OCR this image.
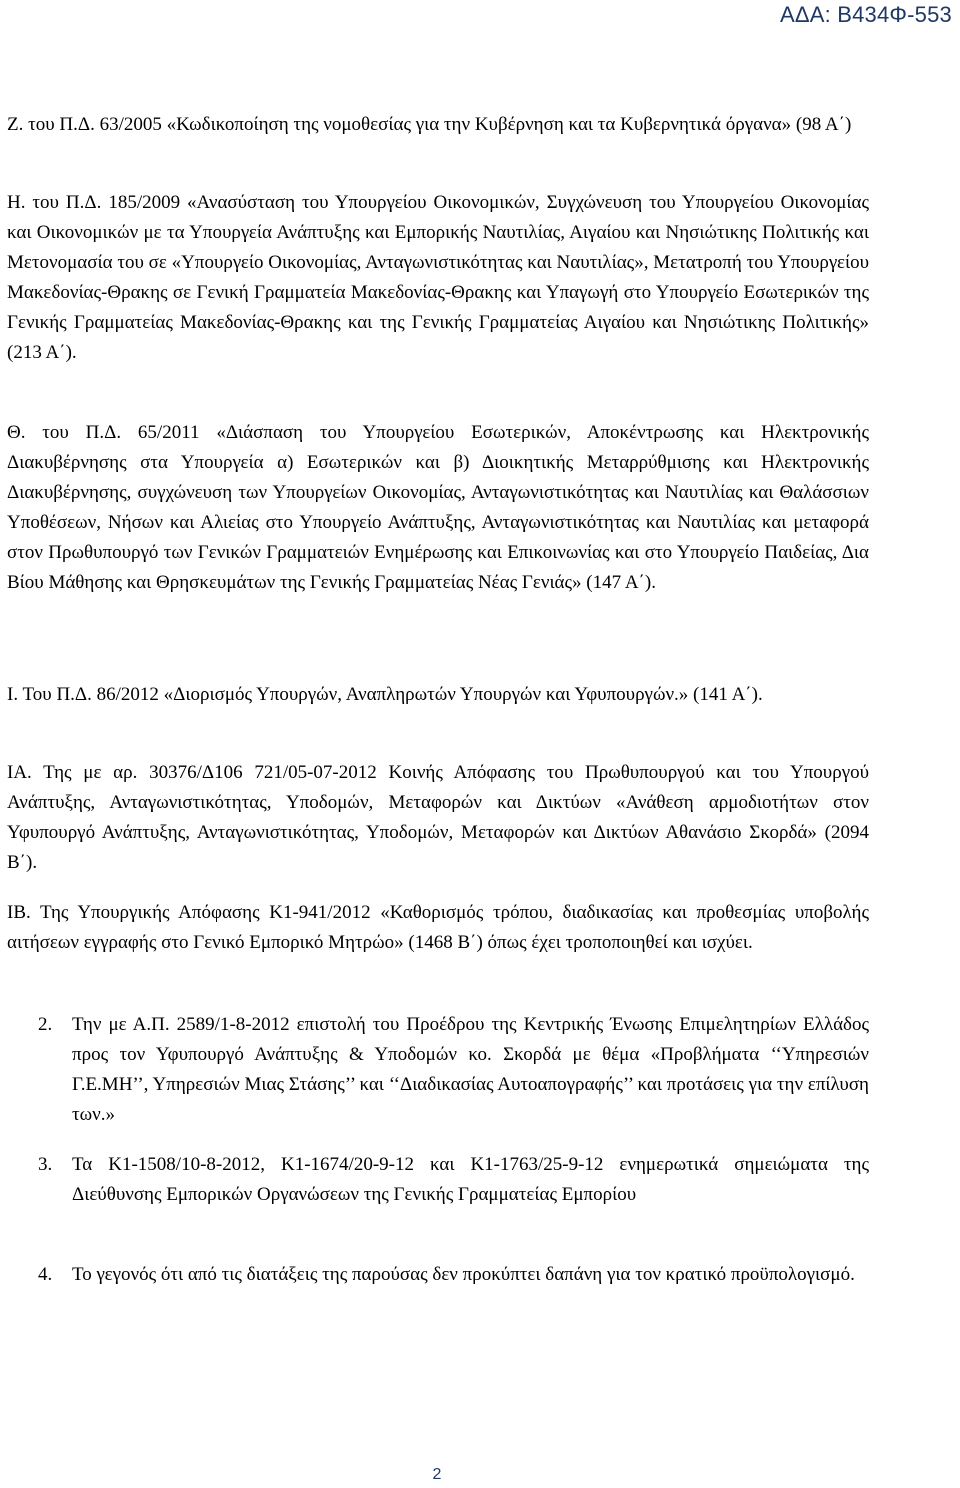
ΑΔΑ: Β434Φ-553

Ζ. του Π.Δ. 63/2005 «Κωδικοποίηση της νομοθεσίας για την Κυβέρνηση και τα Κυβερνητικά όργανα» (98 Α΄)

Η. του Π.Δ. 185/2009 «Ανασύσταση του Υπουργείου Οικονομικών, Συγχώνευση του Υπουργείου Οικονομίας και Οικονομικών με τα Υπουργεία Ανάπτυξης και Εμπορικής Ναυτιλίας, Αιγαίου και Νησιώτικης Πολιτικής και Μετονομασία του σε «Υπουργείο Οικονομίας, Ανταγωνιστικότητας και Ναυτιλίας», Μετατροπή του Υπουργείου Μακεδονίας-Θρακης σε Γενική Γραμματεία Μακεδονίας-Θρακης και Υπαγωγή στο Υπουργείο Εσωτερικών της Γενικής Γραμματείας Μακεδονίας-Θρακης και της Γενικής Γραμματείας Αιγαίου και Νησιώτικης Πολιτικής» (213 Α΄).

Θ. του Π.Δ. 65/2011 «Διάσπαση του Υπουργείου Εσωτερικών, Αποκέντρωσης και Ηλεκτρονικής Διακυβέρνησης στα Υπουργεία α) Εσωτερικών και β) Διοικητικής Μεταρρύθμισης και Ηλεκτρονικής Διακυβέρνησης, συγχώνευση των Υπουργείων Οικονομίας, Ανταγωνιστικότητας και Ναυτιλίας και Θαλάσσιων Υποθέσεων, Νήσων και Αλιείας στο Υπουργείο Ανάπτυξης, Ανταγωνιστικότητας και Ναυτιλίας και μεταφορά στον Πρωθυπουργό των Γενικών Γραμματειών Ενημέρωσης και Επικοινωνίας και στο Υπουργείο Παιδείας, Δια Βίου Μάθησης και Θρησκευμάτων της Γενικής Γραμματείας Νέας Γενιάς» (147 Α΄).

Ι. Του Π.Δ. 86/2012 «Διορισμός Υπουργών, Αναπληρωτών Υπουργών και Υφυπουργών.» (141 Α΄).

ΙΑ. Της με αρ. 30376/Δ106 721/05-07-2012 Κοινής Απόφασης του Πρωθυπουργού και του Υπουργού Ανάπτυξης, Ανταγωνιστικότητας, Υποδομών, Μεταφορών και Δικτύων «Ανάθεση αρμοδιοτήτων στον Υφυπουργό Ανάπτυξης, Ανταγωνιστικότητας, Υποδομών, Μεταφορών και Δικτύων Αθανάσιο Σκορδά» (2094 Β΄).

ΙΒ. Της Υπουργικής Απόφασης Κ1-941/2012 «Καθορισμός τρόπου, διαδικασίας και προθεσμίας υποβολής αιτήσεων εγγραφής στο Γενικό Εμπορικό Μητρώο» (1468 Β΄) όπως έχει τροποποιηθεί και ισχύει.

2.	Την με Α.Π. 2589/1-8-2012 επιστολή του Προέδρου της Κεντρικής Ένωσης Επιμελητηρίων Ελλάδος προς τον Υφυπουργό Ανάπτυξης & Υποδομών κο. Σκορδά με θέμα «Προβλήματα ‘‘Υπηρεσιών Γ.Ε.ΜΗ’’, Υπηρεσιών Μιας Στάσης’’ και ‘‘Διαδικασίας Αυτοαπογραφής’’ και προτάσεις για την επίλυση των.»
3.	Τα Κ1-1508/10-8-2012, Κ1-1674/20-9-12 και Κ1-1763/25-9-12 ενημερωτικά σημειώματα της Διεύθυνσης Εμπορικών Οργανώσεων της Γενικής Γραμματείας Εμπορίου
4.	Το γεγονός ότι από τις διατάξεις της παρούσας δεν προκύπτει δαπάνη για τον κρατικό προϋπολογισμό.
2
